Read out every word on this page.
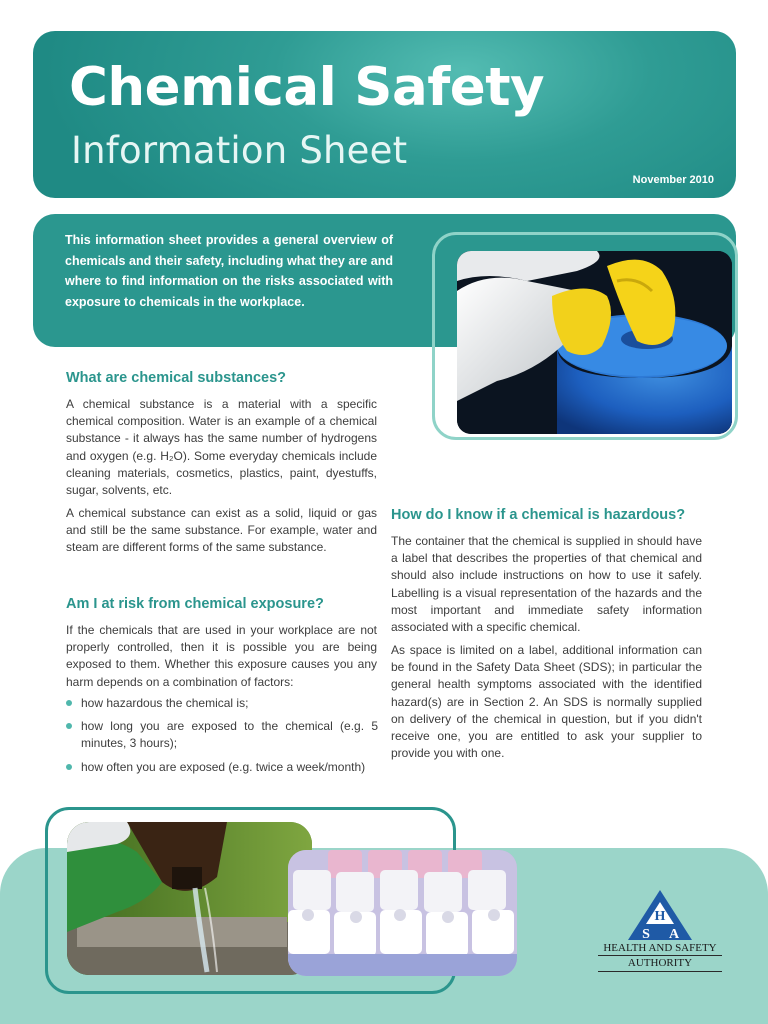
Chemical Safety
Information Sheet
November 2010

This information sheet provides a general overview of chemicals and their safety, including what they are and where to find information on the risks associated with exposure to chemicals in the workplace.

What are chemical substances?

A chemical substance is a material with a specific chemical composition. Water is an example of a chemical substance - it always has the same number of hydrogens and oxygen (e.g. H₂O). Some everyday chemicals include cleaning materials, cosmetics, plastics, paint, dyestuffs, sugar, solvents, etc.

A chemical substance can exist as a solid, liquid or gas and still be the same substance. For example, water and steam are different forms of the same substance.

Am I at risk from chemical exposure?

If the chemicals that are used in your workplace are not properly controlled, then it is possible you are being exposed to them. Whether this exposure causes you any harm depends on a combination of factors:

how hazardous the chemical is;
how long you are exposed to the chemical (e.g. 5 minutes, 3 hours);
how often you are exposed (e.g. twice a week/month)
How do I know if a chemical is hazardous?

The container that the chemical is supplied in should have a label that describes the properties of that chemical and should also include instructions on how to use it safely. Labelling is a visual representation of the hazards and the most important and immediate safety information associated with a specific chemical.

As space is limited on a label, additional information can be found in the Safety Data Sheet (SDS); in particular the general health symptoms associated with the identified hazard(s) are in Section 2. An SDS is normally supplied on delivery of the chemical in question, but if you didn't receive one, you are entitled to ask your supplier to provide you with one.

H
S A
HEALTH AND SAFETY
AUTHORITY
